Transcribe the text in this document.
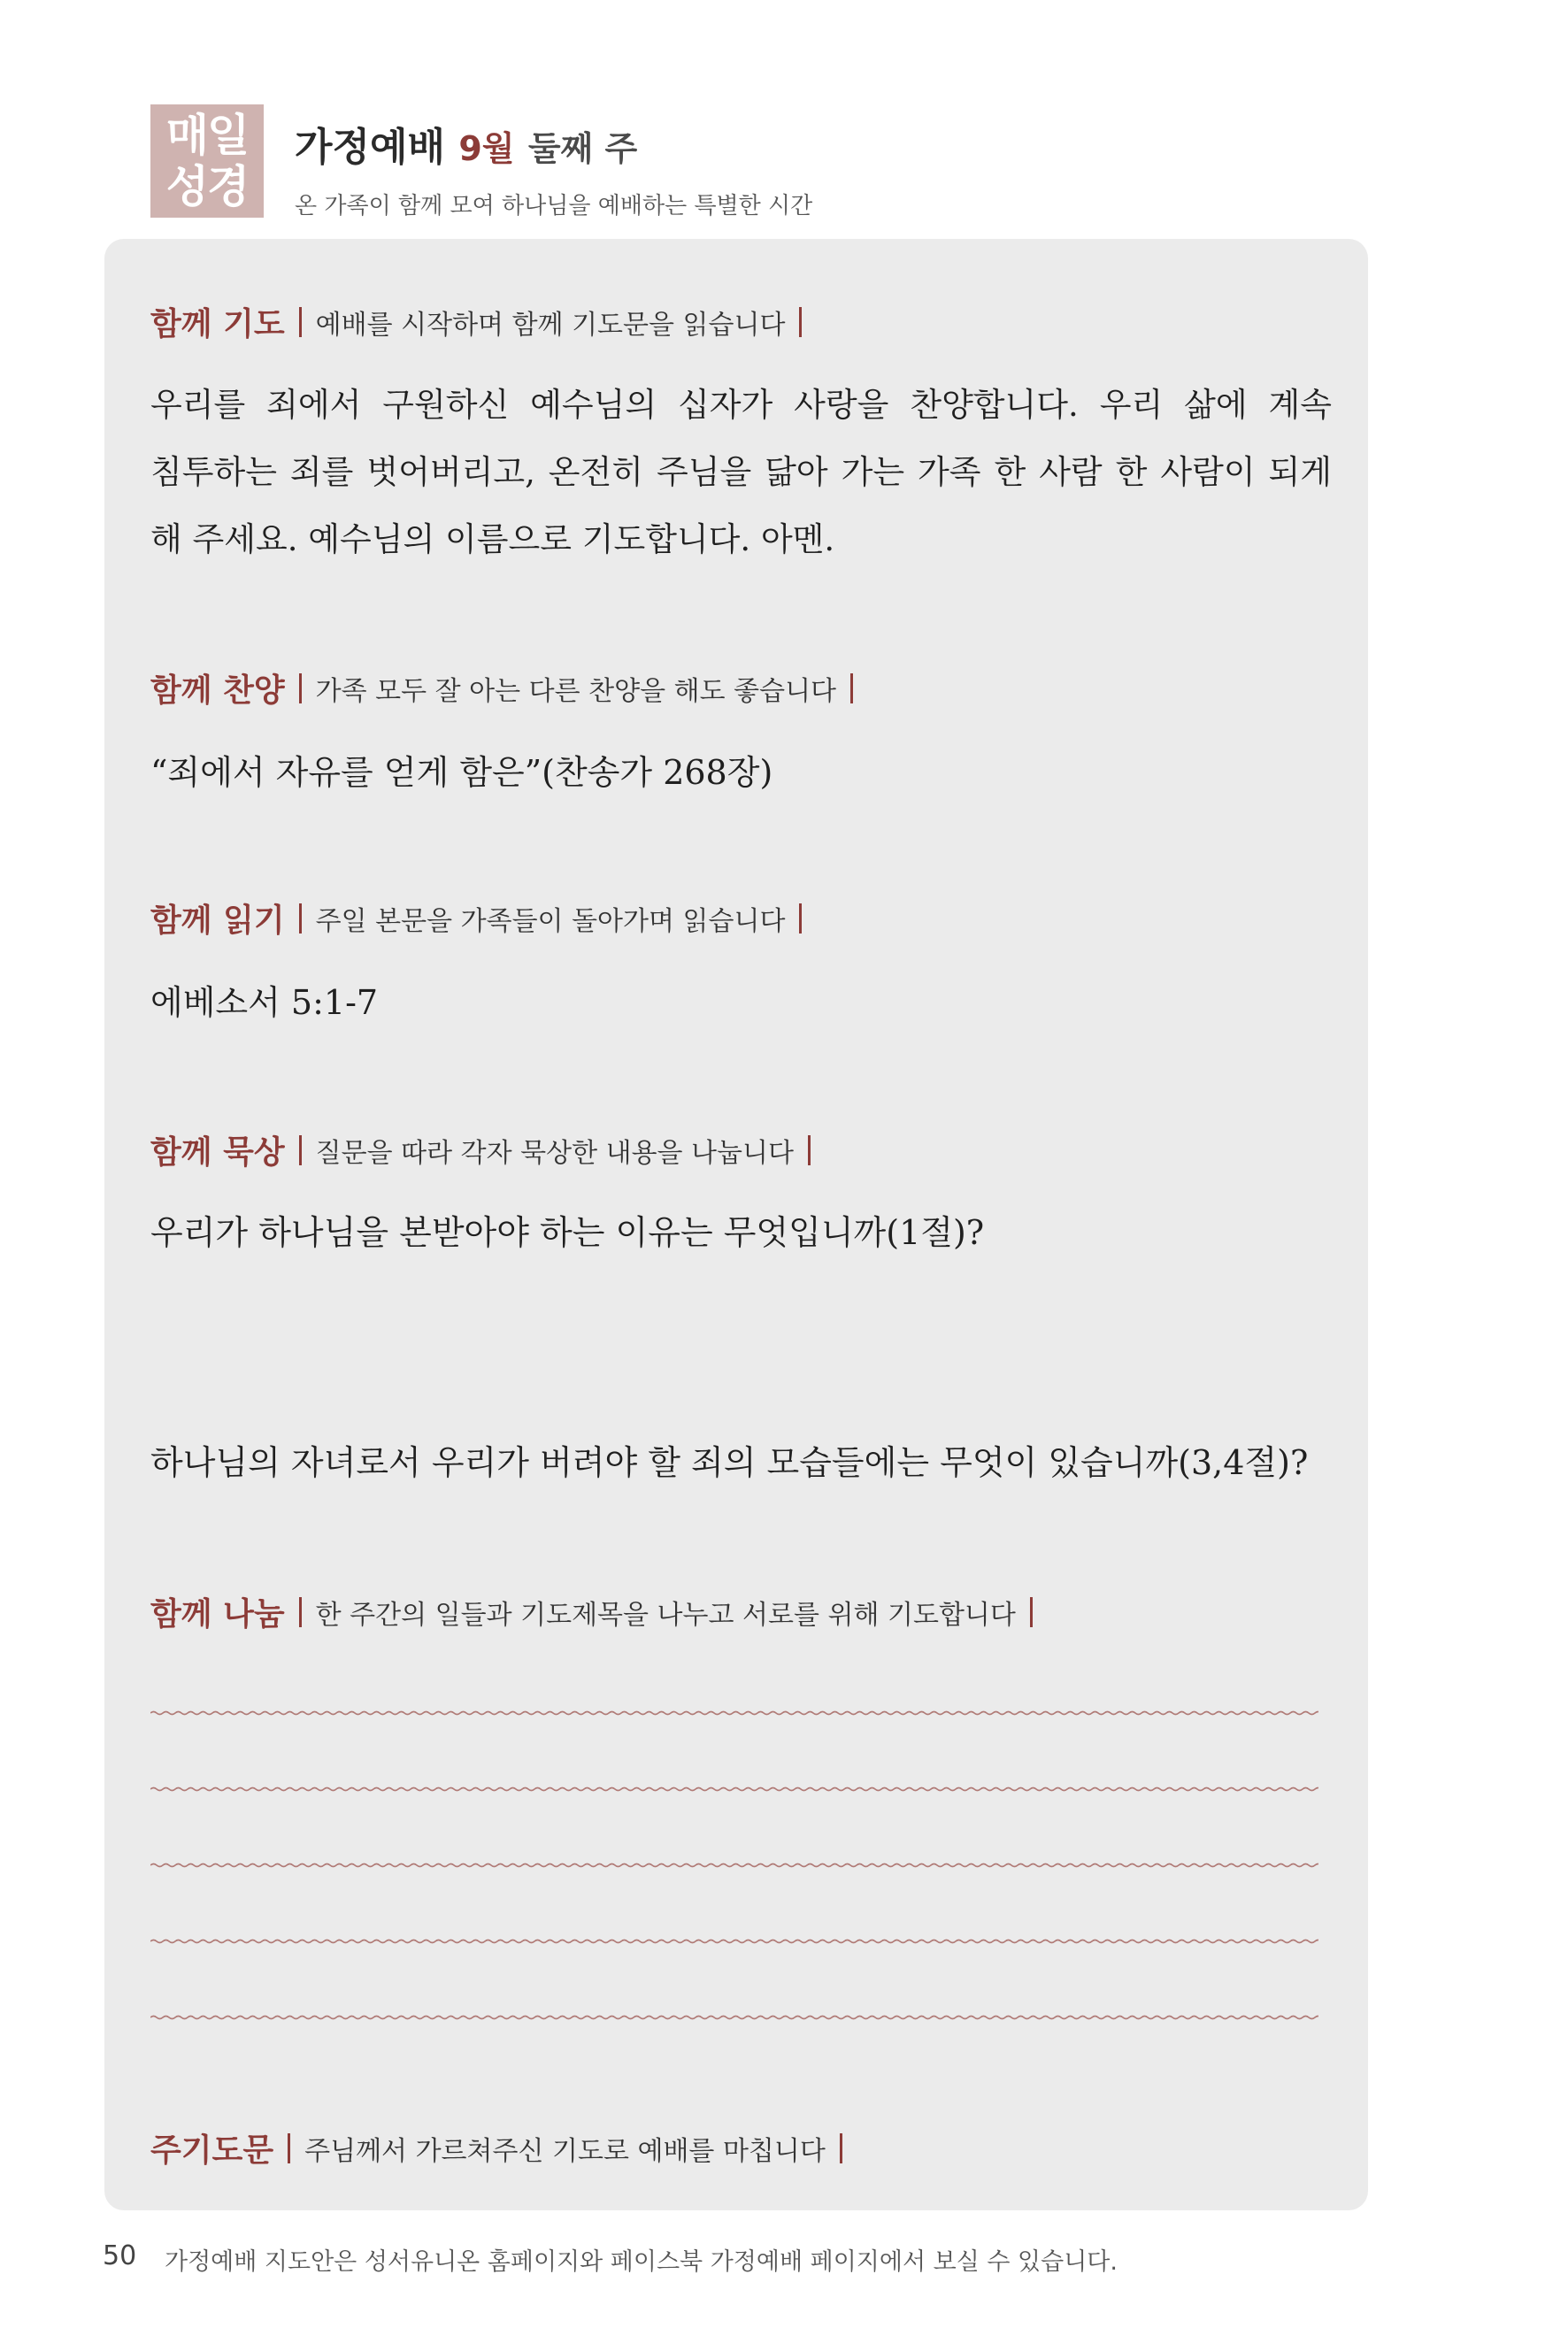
매일
성경
가정예배 9월 둘째 주
온 가족이 함께 모여 하나님을 예배하는 특별한 시간
함께 기도 예배를 시작하며 함께 기도문을 읽습니다
우리를 죄에서 구원하신 예수님의 십자가 사랑을 찬양합니다. 우리 삶에 계속 침투하는 죄를 벗어버리고, 온전히 주님을 닮아 가는 가족 한 사람 한 사람이 되게 해 주세요. 예수님의 이름으로 기도합니다. 아멘.
함께 찬양 가족 모두 잘 아는 다른 찬양을 해도 좋습니다
“죄에서 자유를 얻게 함은”(찬송가 268장)
함께 읽기 주일 본문을 가족들이 돌아가며 읽습니다
에베소서 5:1-7
함께 묵상 질문을 따라 각자 묵상한 내용을 나눕니다
우리가 하나님을 본받아야 하는 이유는 무엇입니까(1절)?
하나님의 자녀로서 우리가 버려야 할 죄의 모습들에는 무엇이 있습니까(3,4절)?
함께 나눔 한 주간의 일들과 기도제목을 나누고 서로를 위해 기도합니다
주기도문 주님께서 가르쳐주신 기도로 예배를 마칩니다
50 가정예배 지도안은 성서유니온 홈페이지와 페이스북 가정예배 페이지에서 보실 수 있습니다.
